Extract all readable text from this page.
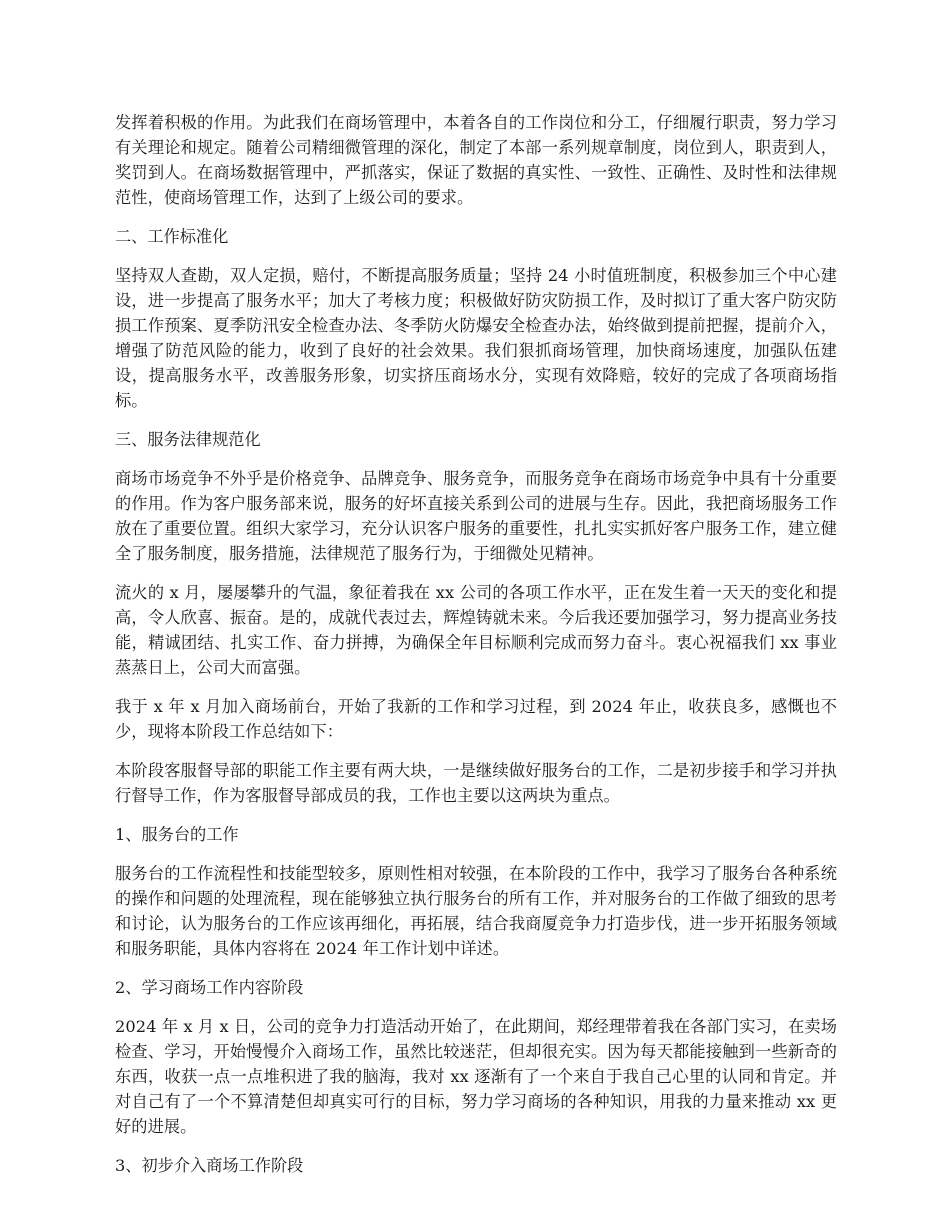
发挥着积极的作用。为此我们在商场管理中，本着各自的工作岗位和分工，仔细履行职责，努力学习有关理论和规定。随着公司精细微管理的深化，制定了本部一系列规章制度，岗位到人，职责到人，奖罚到人。在商场数据管理中，严抓落实，保证了数据的真实性、一致性、正确性、及时性和法律规范性，使商场管理工作，达到了上级公司的要求。

二、工作标准化

坚持双人查勘，双人定损，赔付，不断提高服务质量；坚持 24 小时值班制度，积极参加三个中心建设，进一步提高了服务水平；加大了考核力度；积极做好防灾防损工作，及时拟订了重大客户防灾防损工作预案、夏季防汛安全检查办法、冬季防火防爆安全检查办法，始终做到提前把握，提前介入，增强了防范风险的能力，收到了良好的社会效果。我们狠抓商场管理，加快商场速度，加强队伍建设，提高服务水平，改善服务形象，切实挤压商场水分，实现有效降赔，较好的完成了各项商场指标。

三、服务法律规范化

商场市场竞争不外乎是价格竞争、品牌竞争、服务竞争，而服务竞争在商场市场竞争中具有十分重要的作用。作为客户服务部来说，服务的好坏直接关系到公司的进展与生存。因此，我把商场服务工作放在了重要位置。组织大家学习，充分认识客户服务的重要性，扎扎实实抓好客户服务工作，建立健全了服务制度，服务措施，法律规范了服务行为，于细微处见精神。

流火的 x 月，屡屡攀升的气温，象征着我在 xx 公司的各项工作水平，正在发生着一天天的变化和提高，令人欣喜、振奋。是的，成就代表过去，辉煌铸就未来。今后我还要加强学习，努力提高业务技能，精诚团结、扎实工作、奋力拼搏，为确保全年目标顺利完成而努力奋斗。衷心祝福我们 xx 事业蒸蒸日上，公司大而富强。

我于 x 年 x 月加入商场前台，开始了我新的工作和学习过程，到 2024 年止，收获良多，感慨也不少，现将本阶段工作总结如下：

本阶段客服督导部的职能工作主要有两大块，一是继续做好服务台的工作，二是初步接手和学习并执行督导工作，作为客服督导部成员的我，工作也主要以这两块为重点。

1、服务台的工作

服务台的工作流程性和技能型较多，原则性相对较强，在本阶段的工作中，我学习了服务台各种系统的操作和问题的处理流程，现在能够独立执行服务台的所有工作，并对服务台的工作做了细致的思考和讨论，认为服务台的工作应该再细化，再拓展，结合我商厦竞争力打造步伐，进一步开拓服务领域和服务职能，具体内容将在 2024 年工作计划中详述。

2、学习商场工作内容阶段

2024 年 x 月 x 日，公司的竞争力打造活动开始了，在此期间，郑经理带着我在各部门实习，在卖场检查、学习，开始慢慢介入商场工作，虽然比较迷茫，但却很充实。因为每天都能接触到一些新奇的东西，收获一点一点堆积进了我的脑海，我对 xx 逐渐有了一个来自于我自己心里的认同和肯定。并对自己有了一个不算清楚但却真实可行的目标，努力学习商场的各种知识，用我的力量来推动 xx 更好的进展。

3、初步介入商场工作阶段
